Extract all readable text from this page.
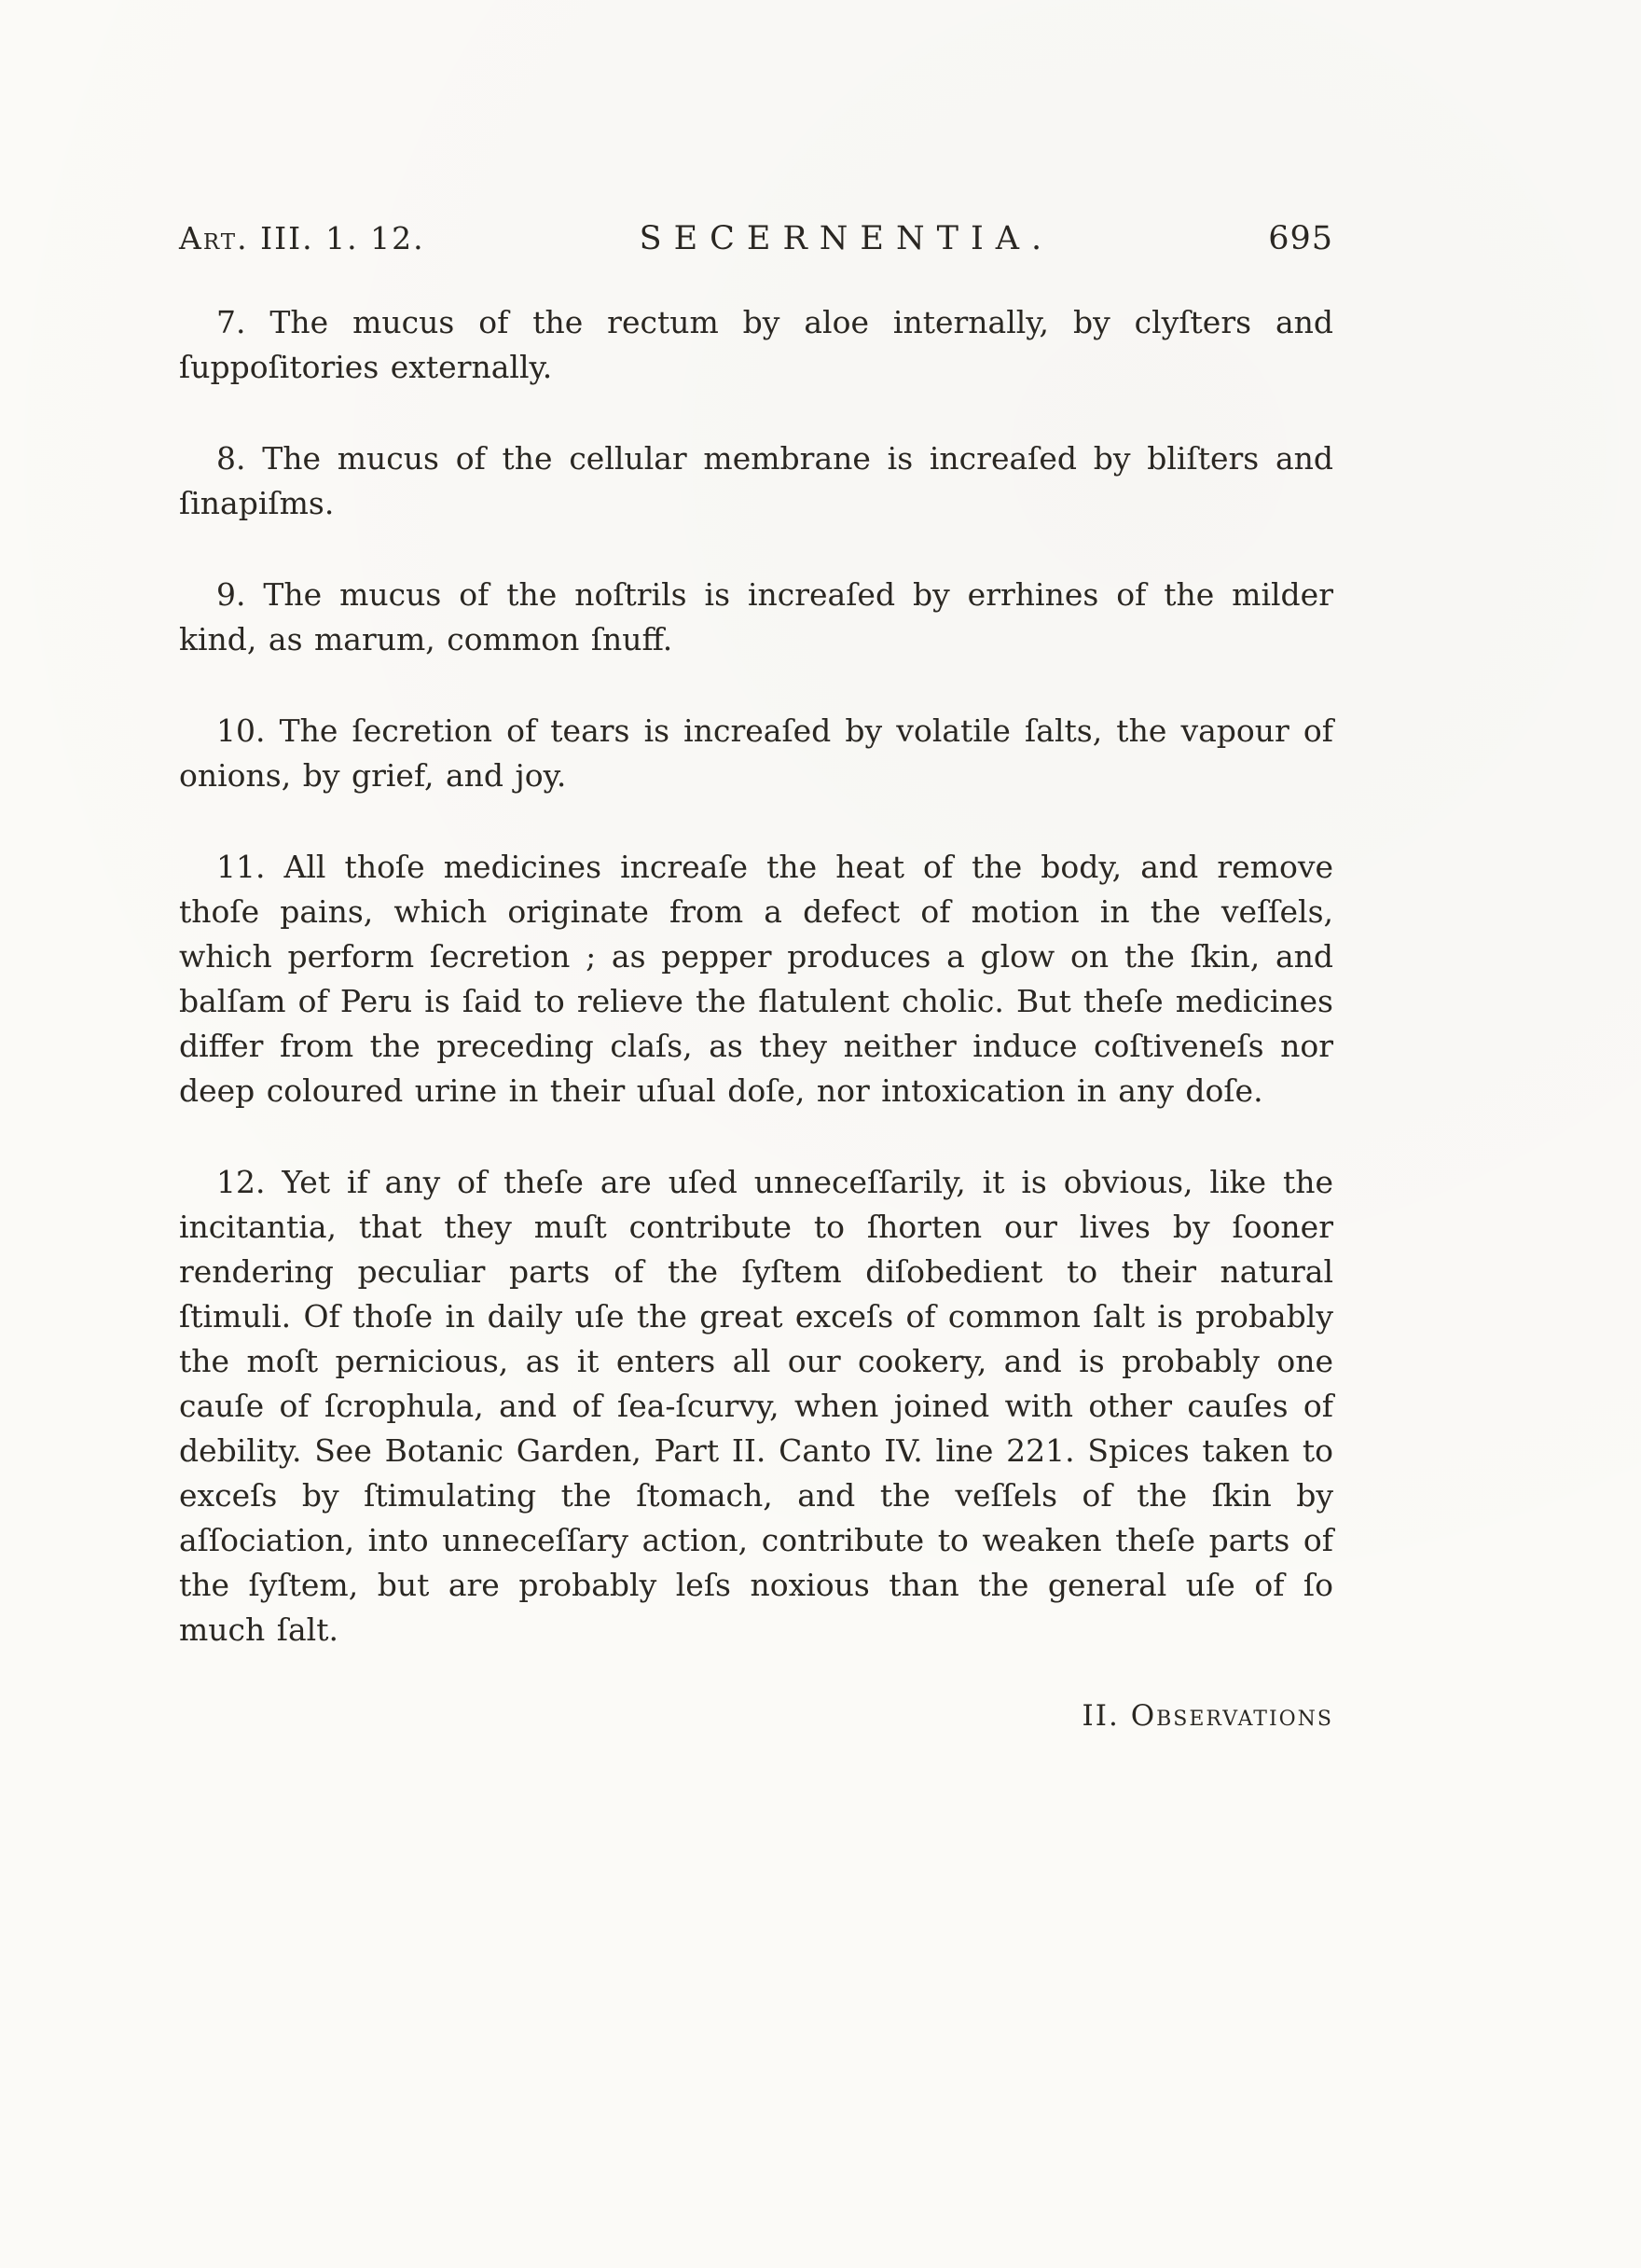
Art. III. 1. 12.	SECERNENTIA.	695

7. The mucus of the rectum by aloe internally, by clyſters and ſuppoſitories externally.

8. The mucus of the cellular membrane is increaſed by bliſters and ſinapiſms.

9. The mucus of the noſtrils is increaſed by errhines of the milder kind, as marum, common ſnuff.

10. The ſecretion of tears is increaſed by volatile ſalts, the vapour of onions, by grief, and joy.

11. All thoſe medicines increaſe the heat of the body, and remove thoſe pains, which originate from a defect of motion in the veſſels, which perform ſecretion ; as pepper produces a glow on the ſkin, and balſam of Peru is ſaid to relieve the flatulent cholic. But theſe medicines differ from the preceding claſs, as they neither induce coſtiveneſs nor deep coloured urine in their uſual doſe, nor intoxication in any doſe.

12. Yet if any of theſe are uſed unneceſſarily, it is obvious, like the incitantia, that they muſt contribute to ſhorten our lives by ſooner rendering peculiar parts of the ſyſtem diſobedient to their natural ſtimuli. Of thoſe in daily uſe the great exceſs of common ſalt is probably the moſt pernicious, as it enters all our cookery, and is probably one cauſe of ſcrophula, and of ſea-ſcurvy, when joined with other cauſes of debility. See Botanic Garden, Part II. Canto IV. line 221. Spices taken to exceſs by ſtimulating the ſtomach, and the veſſels of the ſkin by aſſociation, into unneceſſary action, contribute to weaken theſe parts of the ſyſtem, but are probably leſs noxious than the general uſe of ſo much ſalt.

II. Observations
